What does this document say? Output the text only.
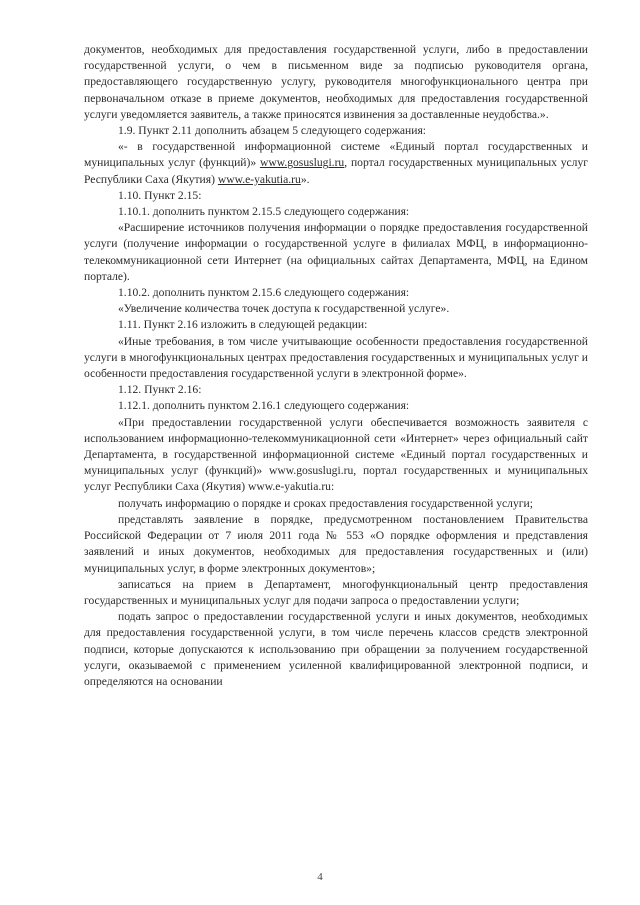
документов, необходимых для предоставления государственной услуги, либо в предоставлении государственной услуги, о чем в письменном виде за подписью руководителя органа, предоставляющего государственную услугу, руководителя многофункционального центра при первоначальном отказе в приеме документов, необходимых для предоставления государственной услуги уведомляется заявитель, а также приносятся извинения за доставленные неудобства.».

1.9. Пункт 2.11 дополнить абзацем 5 следующего содержания:

«- в государственной информационной системе «Единый портал государственных и муниципальных услуг (функций)» www.gosuslugi.ru, портал государственных муниципальных услуг Республики Саха (Якутия) www.e-yakutia.ru».

1.10. Пункт 2.15:

1.10.1. дополнить пунктом 2.15.5 следующего содержания:

«Расширение источников получения информации о порядке предоставления государственной услуги (получение информации о государственной услуге в филиалах МФЦ, в информационно-телекоммуникационной сети Интернет (на официальных сайтах Департамента, МФЦ, на Едином портале).

1.10.2. дополнить пунктом 2.15.6 следующего содержания:

«Увеличение количества точек доступа к государственной услуге».

1.11. Пункт 2.16 изложить в следующей редакции:

«Иные требования, в том числе учитывающие особенности предоставления государственной услуги в многофункциональных центрах предоставления государственных и муниципальных услуг и особенности предоставления государственной услуги в электронной форме».

1.12. Пункт 2.16:

1.12.1. дополнить пунктом 2.16.1 следующего содержания:

«При предоставлении государственной услуги обеспечивается возможность заявителя с использованием информационно-телекоммуникационной сети «Интернет» через официальный сайт Департамента, в государственной информационной системе «Единый портал государственных и муниципальных услуг (функций)» www.gosuslugi.ru, портал государственных и муниципальных услуг Республики Саха (Якутия) www.e-yakutia.ru:

получать информацию о порядке и сроках предоставления государственной услуги;

представлять заявление в порядке, предусмотренном постановлением Правительства Российской Федерации от 7 июля 2011 года № 553 «О порядке оформления и представления заявлений и иных документов, необходимых для предоставления государственных и (или) муниципальных услуг, в форме электронных документов»;

записаться на прием в Департамент, многофункциональный центр предоставления государственных и муниципальных услуг для подачи запроса о предоставлении услуги;

подать запрос о предоставлении государственной услуги и иных документов, необходимых для предоставления государственной услуги, в том числе перечень классов средств электронной подписи, которые допускаются к использованию при обращении за получением государственной услуги, оказываемой с применением усиленной квалифицированной электронной подписи, и определяются на основании

4
